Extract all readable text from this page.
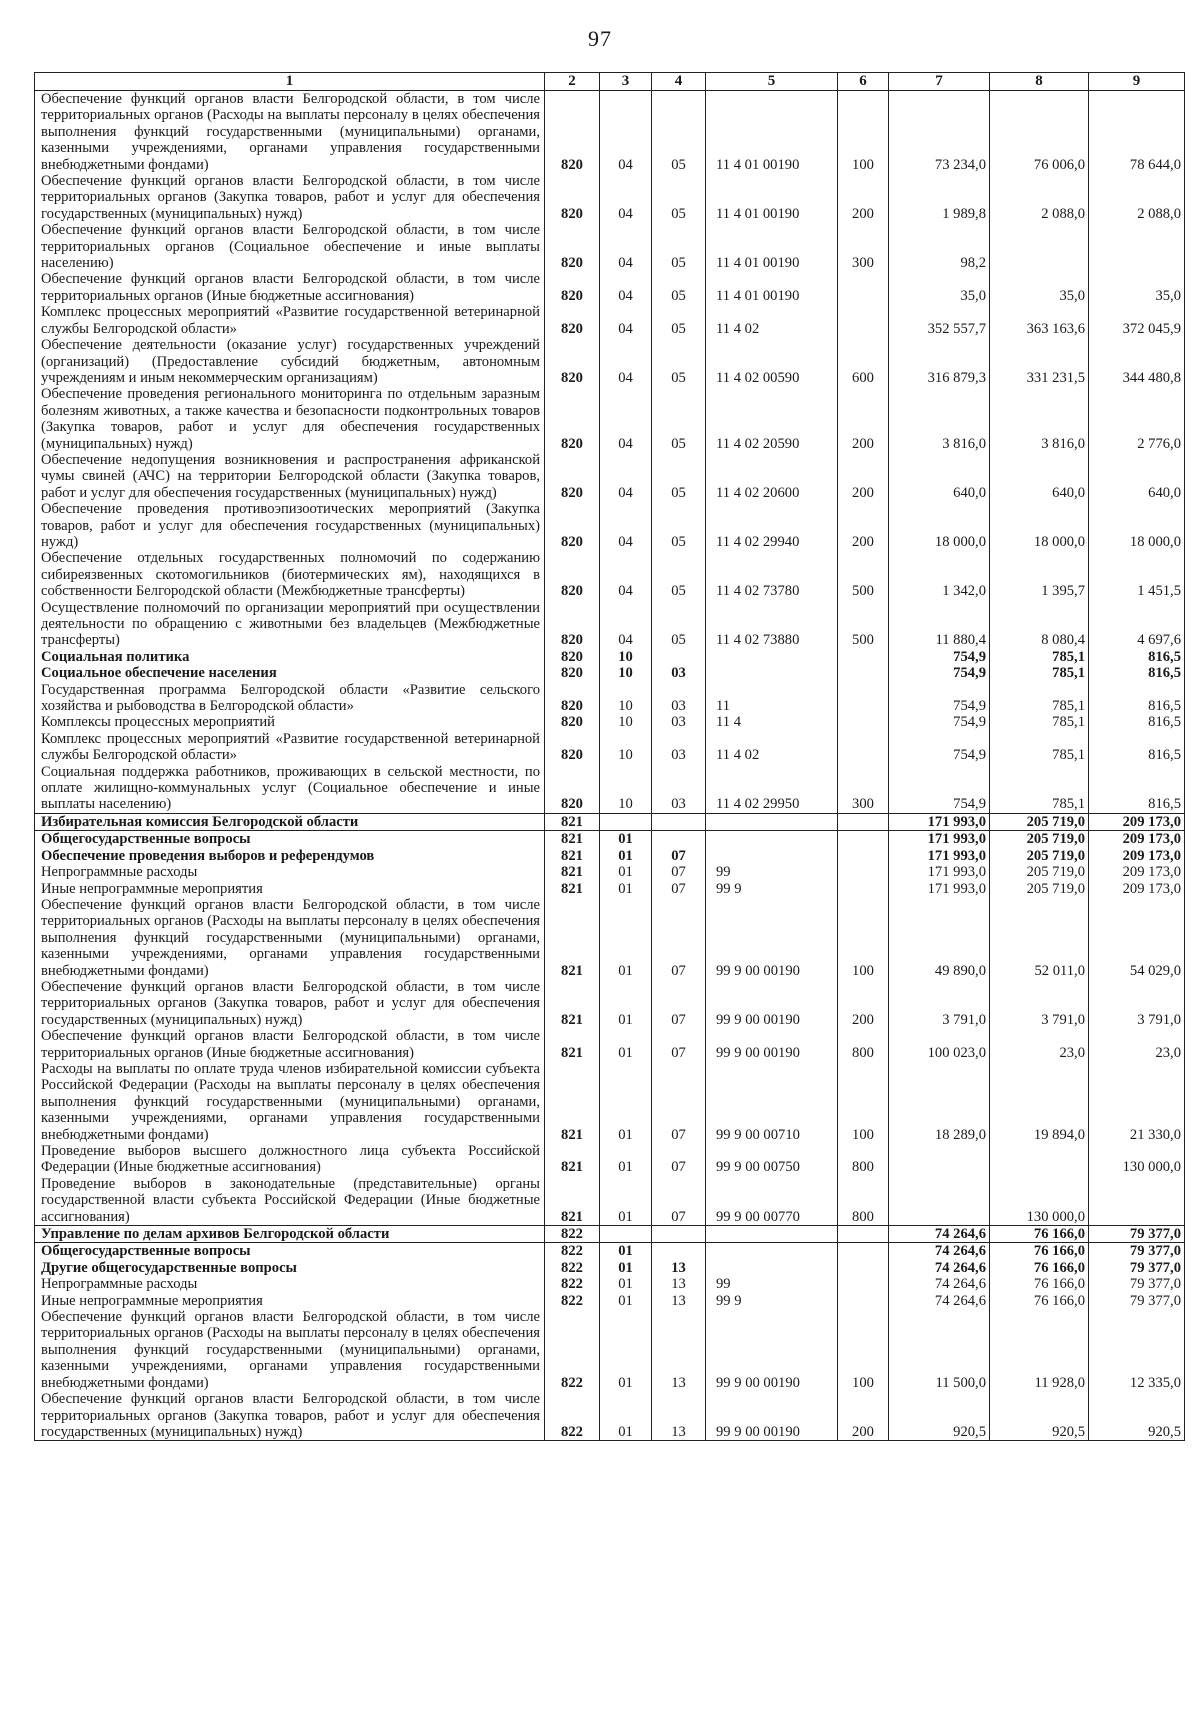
97
1	2	3	4	5	6	7	8	9
Обеспечение функций органов власти Белгородской области, в том числе территориальных органов (Расходы на выплаты персоналу в целях обеспечения выполнения функций государственными (муниципальными) органами, казенными учреждениями, органами управления государственными внебюджетными фондами)	820	04	05	11 4 01 00190	100	73 234,0	76 006,0	78 644,0
Обеспечение функций органов власти Белгородской области, в том числе территориальных органов (Закупка товаров, работ и услуг для обеспечения государственных (муниципальных) нужд)	820	04	05	11 4 01 00190	200	1 989,8	2 088,0	2 088,0
Обеспечение функций органов власти Белгородской области, в том числе территориальных органов (Социальное обеспечение и иные выплаты населению)	820	04	05	11 4 01 00190	300	98,2		
Обеспечение функций органов власти Белгородской области, в том числе территориальных органов (Иные бюджетные ассигнования)	820	04	05	11 4 01 00190		35,0	35,0	35,0
Комплекс процессных мероприятий «Развитие государственной ветеринарной службы Белгородской области»	820	04	05	11 4 02		352 557,7	363 163,6	372 045,9
Обеспечение деятельности (оказание услуг) государственных учреждений (организаций) (Предоставление субсидий бюджетным, автономным учреждениям и иным некоммерческим организациям)	820	04	05	11 4 02 00590	600	316 879,3	331 231,5	344 480,8
Обеспечение проведения регионального мониторинга по отдельным заразным болезням животных, а также качества и безопасности подконтрольных товаров (Закупка товаров, работ и услуг для обеспечения государственных (муниципальных) нужд)	820	04	05	11 4 02 20590	200	3 816,0	3 816,0	2 776,0
Обеспечение недопущения возникновения и распространения африканской чумы свиней (АЧС) на территории Белгородской области (Закупка товаров, работ и услуг для обеспечения государственных (муниципальных) нужд)	820	04	05	11 4 02 20600	200	640,0	640,0	640,0
Обеспечение проведения противоэпизоотических мероприятий (Закупка товаров, работ и услуг для обеспечения государственных (муниципальных) нужд)	820	04	05	11 4 02 29940	200	18 000,0	18 000,0	18 000,0
Обеспечение отдельных государственных полномочий по содержанию сибиреязвенных скотомогильников (биотермических ям), находящихся в собственности Белгородской области (Межбюджетные трансферты)	820	04	05	11 4 02 73780	500	1 342,0	1 395,7	1 451,5
Осуществление полномочий по организации мероприятий при осуществлении деятельности по обращению с животными без владельцев (Межбюджетные трансферты)	820	04	05	11 4 02 73880	500	11 880,4	8 080,4	4 697,6
Социальная политика	820	10				754,9	785,1	816,5
Социальное обеспечение населения	820	10	03			754,9	785,1	816,5
Государственная программа Белгородской области «Развитие сельского хозяйства и рыбоводства в Белгородской области»	820	10	03	11		754,9	785,1	816,5
Комплексы процессных мероприятий	820	10	03	11 4		754,9	785,1	816,5
Комплекс процессных мероприятий «Развитие государственной ветеринарной службы Белгородской области»	820	10	03	11 4 02		754,9	785,1	816,5
Социальная поддержка работников, проживающих в сельской местности, по оплате жилищно-коммунальных услуг (Социальное обеспечение и иные выплаты населению)	820	10	03	11 4 02 29950	300	754,9	785,1	816,5
Избирательная комиссия Белгородской области	821					171 993,0	205 719,0	209 173,0
Общегосударственные вопросы	821	01				171 993,0	205 719,0	209 173,0
Обеспечение проведения выборов и референдумов	821	01	07			171 993,0	205 719,0	209 173,0
Непрограммные расходы	821	01	07	99		171 993,0	205 719,0	209 173,0
Иные непрограммные мероприятия	821	01	07	99 9		171 993,0	205 719,0	209 173,0
Обеспечение функций органов власти Белгородской области, в том числе территориальных органов (Расходы на выплаты персоналу в целях обеспечения выполнения функций государственными (муниципальными) органами, казенными учреждениями, органами управления государственными внебюджетными фондами)	821	01	07	99 9 00 00190	100	49 890,0	52 011,0	54 029,0
Обеспечение функций органов власти Белгородской области, в том числе территориальных органов (Закупка товаров, работ и услуг для обеспечения государственных (муниципальных) нужд)	821	01	07	99 9 00 00190	200	3 791,0	3 791,0	3 791,0
Обеспечение функций органов власти Белгородской области, в том числе территориальных органов (Иные бюджетные ассигнования)	821	01	07	99 9 00 00190	800	100 023,0	23,0	23,0
Расходы на выплаты по оплате труда членов избирательной комиссии субъекта Российской Федерации (Расходы на выплаты персоналу в целях обеспечения выполнения функций государственными (муниципальными) органами, казенными учреждениями, органами управления государственными внебюджетными фондами)	821	01	07	99 9 00 00710	100	18 289,0	19 894,0	21 330,0
Проведение выборов высшего должностного лица субъекта Российской Федерации (Иные бюджетные ассигнования)	821	01	07	99 9 00 00750	800			130 000,0
Проведение выборов в законодательные (представительные) органы государственной власти субъекта Российской Федерации (Иные бюджетные ассигнования)	821	01	07	99 9 00 00770	800		130 000,0	
Управление по делам архивов Белгородской области	822					74 264,6	76 166,0	79 377,0
Общегосударственные вопросы	822	01				74 264,6	76 166,0	79 377,0
Другие общегосударственные вопросы	822	01	13			74 264,6	76 166,0	79 377,0
Непрограммные расходы	822	01	13	99		74 264,6	76 166,0	79 377,0
Иные непрограммные мероприятия	822	01	13	99 9		74 264,6	76 166,0	79 377,0
Обеспечение функций органов власти Белгородской области, в том числе территориальных органов (Расходы на выплаты персоналу в целях обеспечения выполнения функций государственными (муниципальными) органами, казенными учреждениями, органами управления государственными внебюджетными фондами)	822	01	13	99 9 00 00190	100	11 500,0	11 928,0	12 335,0
Обеспечение функций органов власти Белгородской области, в том числе территориальных органов (Закупка товаров, работ и услуг для обеспечения государственных (муниципальных) нужд)	822	01	13	99 9 00 00190	200	920,5	920,5	920,5
